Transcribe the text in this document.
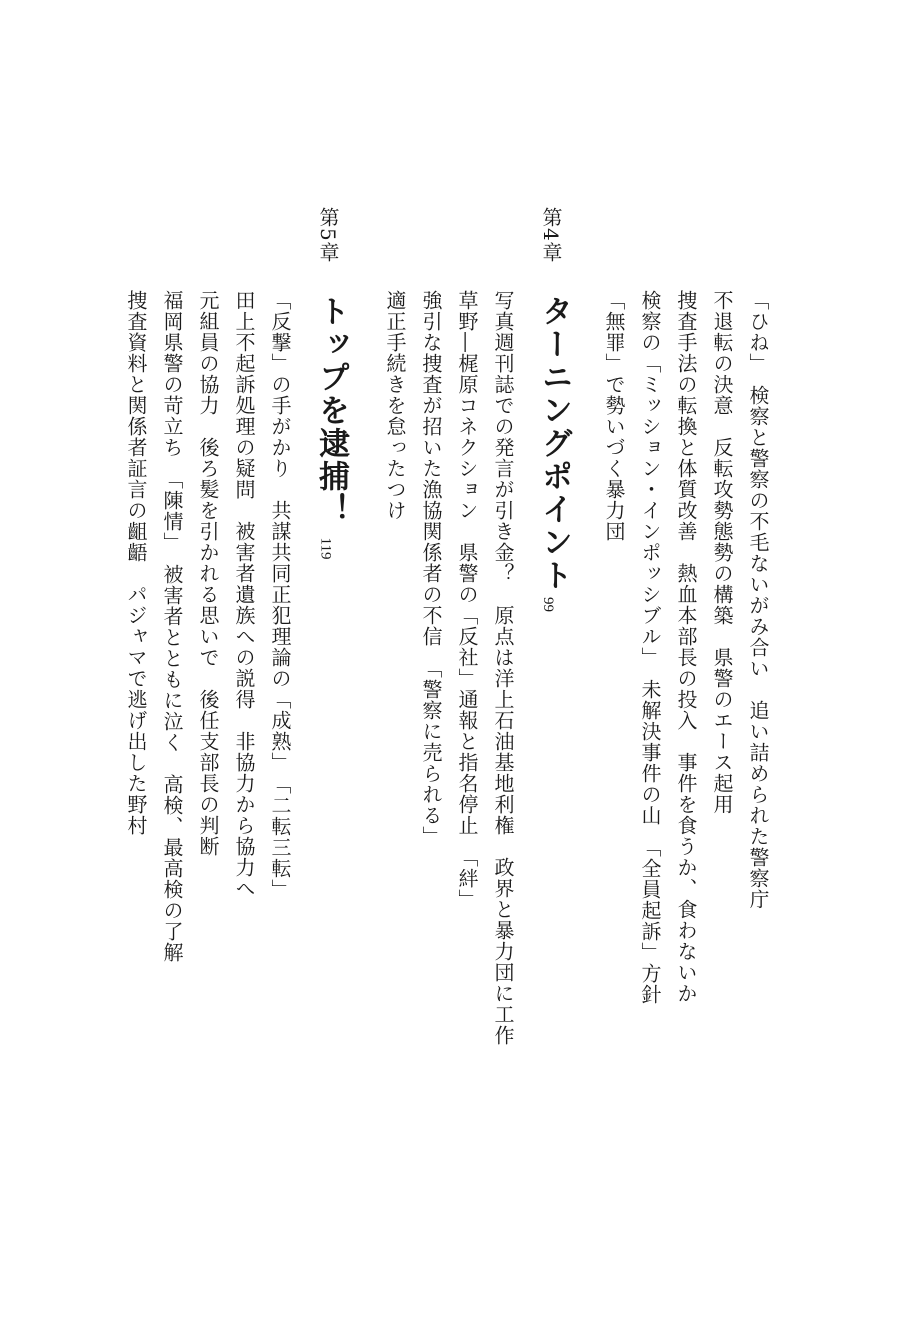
「ひね」　検察と警察の不毛ないがみ合い　追い詰められた警察庁
不退転の決意　反転攻勢態勢の構築　県警のエース起用
捜査手法の転換と体質改善　熱血本部長の投入　事件を食うか、食わないか
検察の「ミッション・インポッシブル」　未解決事件の山　「全員起訴」方針
「無罪」で勢いづく暴力団
第4章
ターニングポイント
99
写真週刊誌での発言が引き金？　原点は洋上石油基地利権　政界と暴力団に工作
草野―梶原コネクション　県警の「反社」通報と指名停止　「絆」
強引な捜査が招いた漁協関係者の不信　「警察に売られる」
適正手続きを怠ったつけ
第5章
トップを逮捕！
119
「反撃」の手がかり　共謀共同正犯理論の「成熟」　「二転三転」
田上不起訴処理の疑問　被害者遺族への説得　非協力から協力へ
元組員の協力　後ろ髪を引かれる思いで　後任支部長の判断
福岡県警の苛立ち　「陳情」　被害者とともに泣く　高検、最高検の了解
捜査資料と関係者証言の齟齬　パジャマで逃げ出した野村
